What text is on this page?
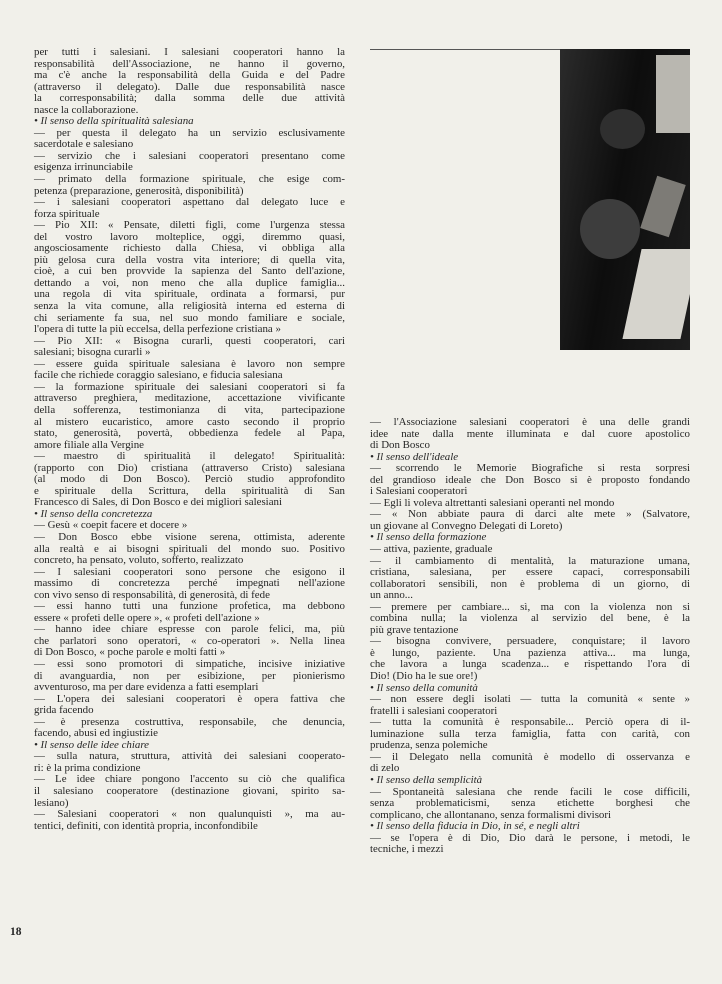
per tutti i salesiani. I salesiani cooperatori hanno la

responsabilità dell'Associazione, ne hanno il governo,

ma c'è anche la responsabilità della Guida e del Padre

(attraverso il delegato). Dalle due responsabilità nasce

la corresponsabilità; dalla somma delle due attività

nasce la collaborazione.

• Il senso della spiritualità salesiana

— per questa il delegato ha un servizio esclusivamente

sacerdotale e salesiano

— servizio che i salesiani cooperatori presentano come

esigenza irrinunciabile

— primato della formazione spirituale, che esige com-

petenza (preparazione, generosità, disponibilità)

— i salesiani cooperatori aspettano dal delegato luce e

forza spirituale

— Pio XII: « Pensate, diletti figli, come l'urgenza stessa

del vostro lavoro molteplice, oggi, diremmo quasi,

angosciosamente richiesto dalla Chiesa, vi obbliga alla

più gelosa cura della vostra vita interiore; di quella vita,

cioè, a cui ben provvide la sapienza del Santo dell'azione,

dettando a voi, non meno che alla duplice famiglia...

una regola di vita spirituale, ordinata a formarsi, pur

senza la vita comune, alla religiosità interna ed esterna di

chi seriamente fa sua, nel suo mondo familiare e sociale,

l'opera di tutte la più eccelsa, della perfezione cristiana »

— Pio XII: « Bisogna curarli, questi cooperatori, cari

salesiani; bisogna curarli »

— essere guida spirituale salesiana è lavoro non sempre

facile che richiede coraggio salesiano, e fiducia salesiana

— la formazione spirituale dei salesiani cooperatori si fa

attraverso preghiera, meditazione, accettazione vivificante

della sofferenza, testimonianza di vita, partecipazione

al mistero eucaristico, amore casto secondo il proprio

stato, generosità, povertà, obbedienza fedele al Papa,

amore filiale alla Vergine

— maestro di spiritualità il delegato! Spiritualità:

(rapporto con Dio) cristiana (attraverso Cristo) salesiana

(al modo di Don Bosco). Perciò studio approfondito

e spirituale della Scrittura, della spiritualità di San

Francesco di Sales, di Don Bosco e dei migliori salesiani

• Il senso della concretezza

— Gesù « coepit facere et docere »

— Don Bosco ebbe visione serena, ottimista, aderente

alla realtà e ai bisogni spirituali del mondo suo. Positivo

concreto, ha pensato, voluto, sofferto, realizzato

— I salesiani cooperatori sono persone che esigono il

massimo di concretezza perché impegnati nell'azione

con vivo senso di responsabilità, di generosità, di fede

— essi hanno tutti una funzione profetica, ma debbono

essere « profeti delle opere », « profeti dell'azione »

— hanno idee chiare espresse con parole felici, ma, più

che parlatori sono operatori, « co-operatori ». Nella linea

di Don Bosco, « poche parole e molti fatti »

— essi sono promotori di simpatiche, incisive iniziative

di avanguardia, non per esibizione, per pionierismo

avventuroso, ma per dare evidenza a fatti esemplari

— L'opera dei salesiani cooperatori è opera fattiva che

grida facendo

— è presenza costruttiva, responsabile, che denuncia,

facendo, abusi ed ingiustizie

• Il senso delle idee chiare

— sulla natura, struttura, attività dei salesiani cooperato-

ri: è la prima condizione

— Le idee chiare pongono l'accento su ciò che qualifica

il salesiano cooperatore (destinazione giovani, spirito sa-

lesiano)

— Salesiani cooperatori « non qualunquisti », ma au-

tentici, definiti, con identità propria, inconfondibile

— l'Associazione salesiani cooperatori è una delle grandi

idee nate dalla mente illuminata e dal cuore apostolico

di Don Bosco

• Il senso dell'ideale

— scorrendo le Memorie Biografiche si resta sorpresi

del grandioso ideale che Don Bosco si è proposto fondando

i Salesiani cooperatori

— Egli li voleva altrettanti salesiani operanti nel mondo

— « Non abbiate paura di darci alte mete » (Salvatore,

un giovane al Convegno Delegati di Loreto)

• Il senso della formazione

— attiva, paziente, graduale

— il cambiamento di mentalità, la maturazione umana,

cristiana, salesiana, per essere capaci, corresponsabili

collaboratori sensibili, non è problema di un giorno, di

un anno...

— premere per cambiare... sì, ma con la violenza non si

combina nulla; la violenza al servizio del bene, è la

più grave tentazione

— bisogna convivere, persuadere, conquistare; il lavoro

è lungo, paziente. Una pazienza attiva... ma lunga,

che lavora a lunga scadenza... e rispettando l'ora di

Dio! (Dio ha le sue ore!)

• Il senso della comunità

— non essere degli isolati — tutta la comunità « sente »

fratelli i salesiani cooperatori

— tutta la comunità è responsabile... Perciò opera di il-

luminazione sulla terza famiglia, fatta con carità, con

prudenza, senza polemiche

— il Delegato nella comunità è modello di osservanza e

di zelo

• Il senso della semplicità

— Spontaneità salesiana che rende facili le cose difficili,

senza problematicismi, senza etichette borghesi che

complicano, che allontanano, senza formalismi divisori

• Il senso della fiducia in Dio, in sé, e negli altri

— se l'opera è di Dio, Dio darà le persone, i metodi, le

tecniche, i mezzi

18
